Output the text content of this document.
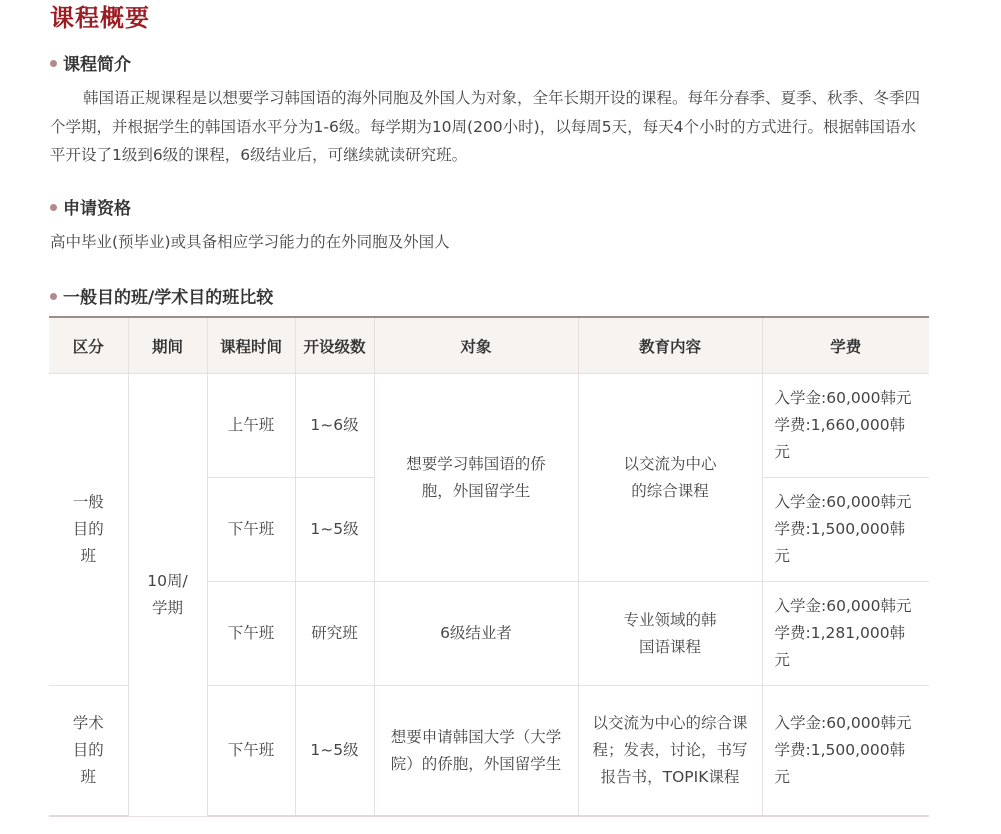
课程概要
课程简介

韩国语正规课程是以想要学习韩国语的海外同胞及外国人为对象，全年长期开设的课程。每年分春季、夏季、秋季、冬季四个学期，并根据学生的韩国语水平分为1-6级。每学期为10周(200小时)，以每周5天，每天4个小时的方式进行。根据韩国语水平开设了1级到6级的课程，6级结业后，可继续就读研究班。

申请资格

高中毕业(预毕业)或具备相应学习能力的在外同胞及外国人

一般目的班/学术目的班比较
区分	期间	课程时间	开设级数	对象	教育内容	学费
一般目的班	10周/学期	上午班	1~6级	想要学习韩国语的侨胞，外国留学生	以交流为中心的综合课程	入学金:60,000韩元 学费:1,660,000韩元
		下午班	1~5级			入学金:60,000韩元 学费:1,500,000韩元
		下午班	研究班	6级结业者	专业领域的韩国语课程	入学金:60,000韩元 学费:1,281,000韩元
学术目的班		下午班	1~5级	想要申请韩国大学（大学院）的侨胞，外国留学生	以交流为中心的综合课程；发表，讨论，书写报告书，TOPIK课程	入学金:60,000韩元 学费:1,500,000韩元
